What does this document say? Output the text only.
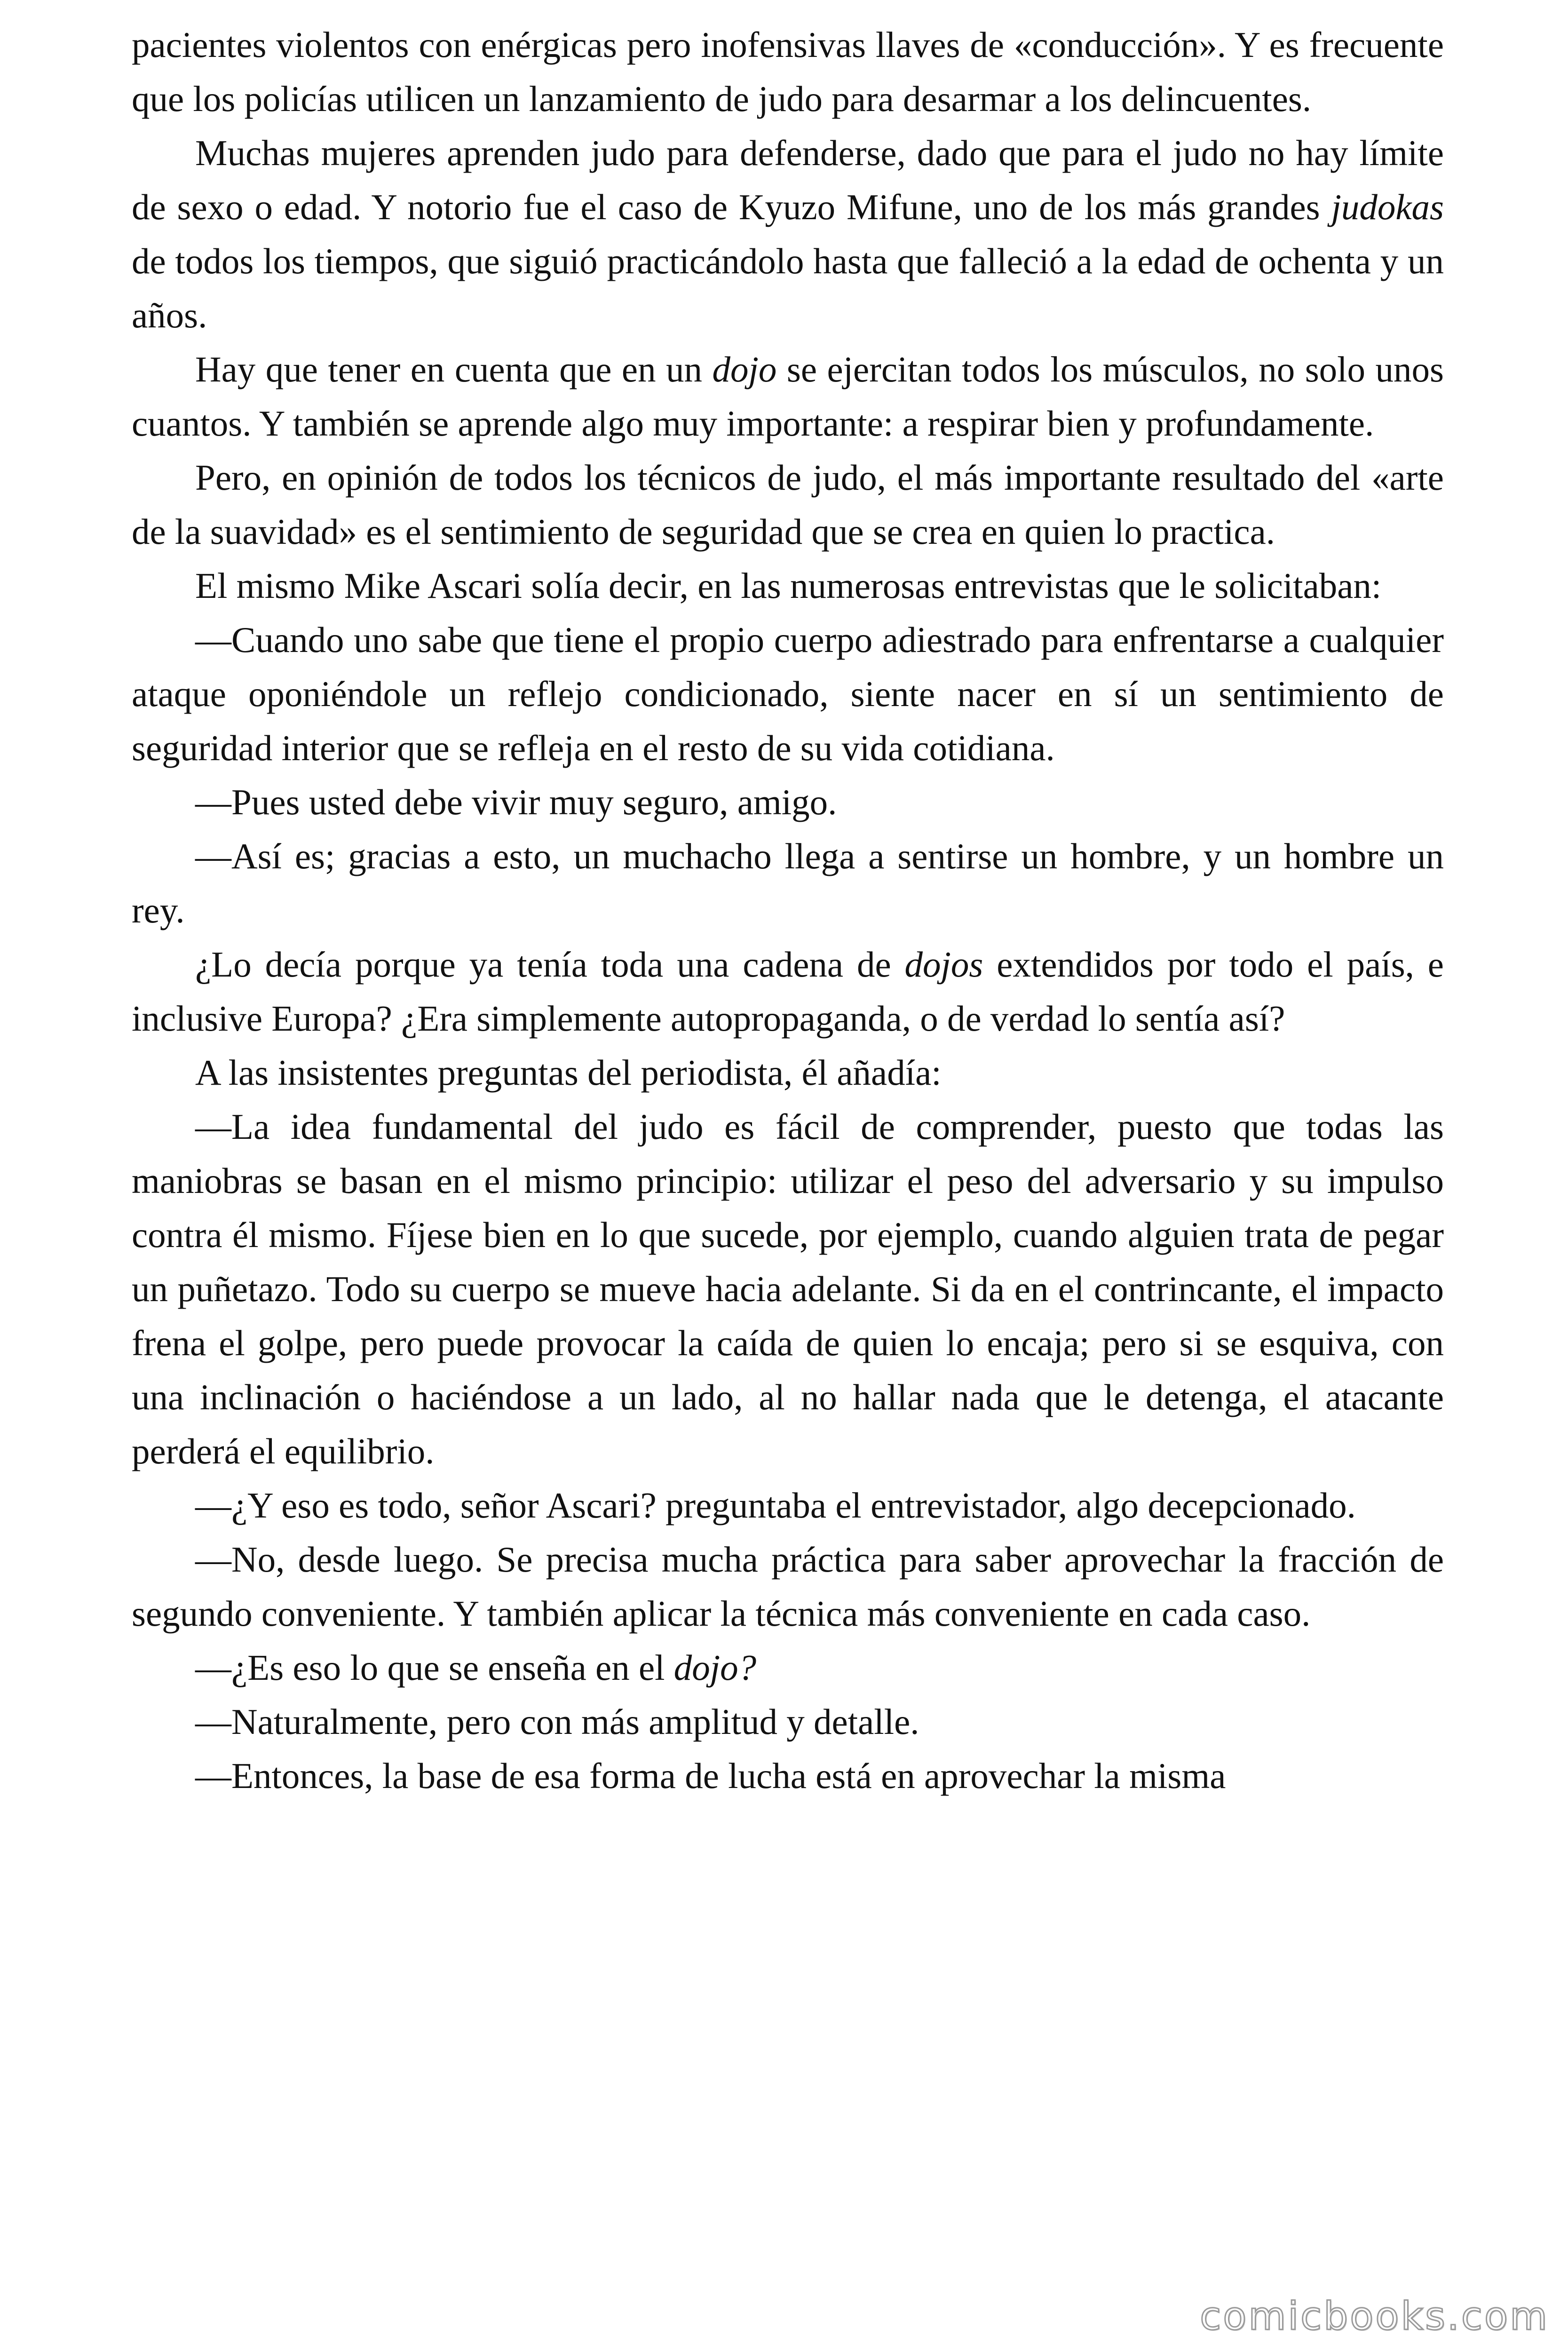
pacientes violentos con enérgicas pero inofensivas llaves de «conducción». Y es frecuente que los policías utilicen un lanzamiento de judo para desarmar a los delincuentes.

Muchas mujeres aprenden judo para defenderse, dado que para el judo no hay límite de sexo o edad. Y notorio fue el caso de Kyuzo Mifune, uno de los más grandes judokas de todos los tiempos, que siguió practicándolo hasta que falleció a la edad de ochenta y un años.

Hay que tener en cuenta que en un dojo se ejercitan todos los músculos, no solo unos cuantos. Y también se aprende algo muy importante: a respirar bien y profundamente.

Pero, en opinión de todos los técnicos de judo, el más importante resultado del «arte de la suavidad» es el sentimiento de seguridad que se crea en quien lo practica.

El mismo Mike Ascari solía decir, en las numerosas entrevistas que le solicitaban:

—Cuando uno sabe que tiene el propio cuerpo adiestrado para enfrentarse a cualquier ataque oponiéndole un reflejo condicionado, siente nacer en sí un sentimiento de seguridad interior que se refleja en el resto de su vida cotidiana.

—Pues usted debe vivir muy seguro, amigo.

—Así es; gracias a esto, un muchacho llega a sentirse un hombre, y un hombre un rey.

¿Lo decía porque ya tenía toda una cadena de dojos extendidos por todo el país, e inclusive Europa? ¿Era simplemente autopropaganda, o de verdad lo sentía así?

A las insistentes preguntas del periodista, él añadía:

—La idea fundamental del judo es fácil de comprender, puesto que todas las maniobras se basan en el mismo principio: utilizar el peso del adversario y su impulso contra él mismo. Fíjese bien en lo que sucede, por ejemplo, cuando alguien trata de pegar un puñetazo. Todo su cuerpo se mueve hacia adelante. Si da en el contrincante, el impacto frena el golpe, pero puede provocar la caída de quien lo encaja; pero si se esquiva, con una inclinación o haciéndose a un lado, al no hallar nada que le detenga, el atacante perderá el equilibrio.

—¿Y eso es todo, señor Ascari? preguntaba el entrevistador, algo decepcionado.

—No, desde luego. Se precisa mucha práctica para saber aprovechar la fracción de segundo conveniente. Y también aplicar la técnica más conveniente en cada caso.

—¿Es eso lo que se enseña en el dojo?

—Naturalmente, pero con más amplitud y detalle.

—Entonces, la base de esa forma de lucha está en aprovechar la misma

comicbooks.com
